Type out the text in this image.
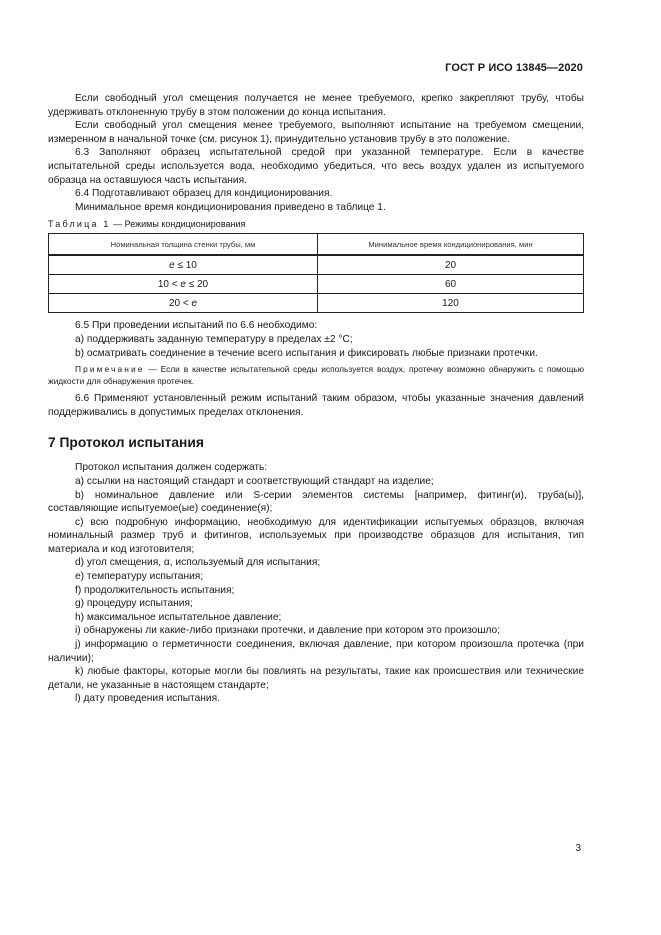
ГОСТ Р ИСО 13845—2020

Если свободный угол смещения получается не менее требуемого, крепко закрепляют трубу, чтобы удерживать отклоненную трубу в этом положении до конца испытания.

Если свободный угол смещения менее требуемого, выполняют испытание на требуемом смещении, измеренном в начальной точке (см. рисунок 1), принудительно установив трубу в это положение.

6.3 Заполняют образец испытательной средой при указанной температуре. Если в качестве испытательной среды используется вода, необходимо убедиться, что весь воздух удален из испытуемого образца на оставшуюся часть испытания.

6.4 Подготавливают образец для кондиционирования.

Минимальное время кондиционирования приведено в таблице 1.

Таблица 1 — Режимы кондиционирования
Номинальная толщина стенки трубы, мм	Минимальное время кондиционирования, мин
e ≤ 10	20
10 < e ≤ 20	60
20 < e	120

6.5 При проведении испытаний по 6.6 необходимо:

a) поддерживать заданную температуру в пределах ±2 °С;

b) осматривать соединение в течение всего испытания и фиксировать любые признаки протечки.

Примечание — Если в качестве испытательной среды используется воздух, протечку возможно обнаружить с помощью жидкости для обнаружения протечек.

6.6 Применяют установленный режим испытаний таким образом, чтобы указанные значения давлений поддерживались в допустимых пределах отклонения.

7 Протокол испытания

Протокол испытания должен содержать:

a) ссылки на настоящий стандарт и соответствующий стандарт на изделие;

b) номинальное давление или S-серии элементов системы [например, фитинг(и), труба(ы)], составляющие испытуемое(ые) соединение(я);

c) всю подробную информацию, необходимую для идентификации испытуемых образцов, включая номинальный размер труб и фитингов, используемых при производстве образцов для испытания, тип материала и код изготовителя;

d) угол смещения, α, используемый для испытания;

e) температуру испытания;

f) продолжительность испытания;

g) процедуру испытания;

h) максимальное испытательное давление;

i) обнаружены ли какие-либо признаки протечки, и давление при котором это произошло;

j) информацию о герметичности соединения, включая давление, при котором произошла протечка (при наличии);

k) любые факторы, которые могли бы повлиять на результаты, такие как происшествия или технические детали, не указанные в настоящем стандарте;

l) дату проведения испытания.

3
